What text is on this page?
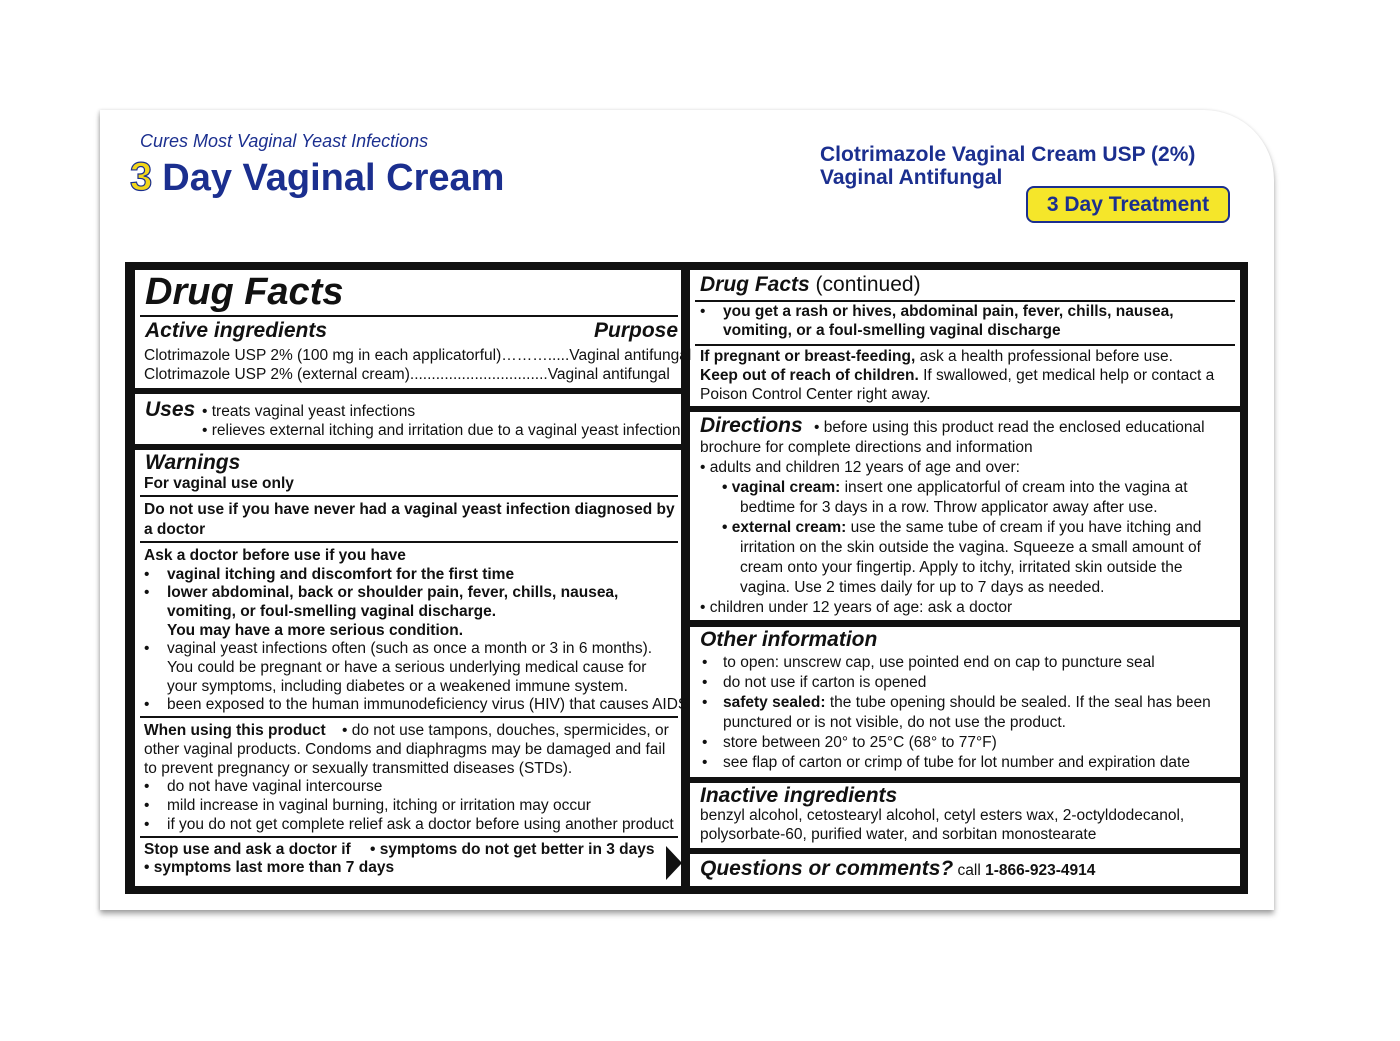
Cures Most Vaginal Yeast Infections
3 Day Vaginal Cream
Clotrimazole Vaginal Cream USP (2%)
Vaginal Antifungal
3 Day Treatment
Drug Facts
Active ingredients	Purpose
Clotrimazole USP 2% (100 mg in each applicatorful)……….....Vaginal antifungal
Clotrimazole USP 2% (external cream)................................Vaginal antifungal
Uses • treats vaginal yeast infections
• relieves external itching and irritation due to a vaginal yeast infection
Warnings
For vaginal use only
Do not use if you have never had a vaginal yeast infection diagnosed by
a doctor
Ask a doctor before use if you have
• vaginal itching and discomfort for the first time
• lower abdominal, back or shoulder pain, fever, chills, nausea,
vomiting, or foul-smelling vaginal discharge.
You may have a more serious condition.
• vaginal yeast infections often (such as once a month or 3 in 6 months).
You could be pregnant or have a serious underlying medical cause for
your symptoms, including diabetes or a weakened immune system.
• been exposed to the human immunodeficiency virus (HIV) that causes AIDS
When using this product • do not use tampons, douches, spermicides, or
other vaginal products. Condoms and diaphragms may be damaged and fail
to prevent pregnancy or sexually transmitted diseases (STDs).
• do not have vaginal intercourse
• mild increase in vaginal burning, itching or irritation may occur
• if you do not get complete relief ask a doctor before using another product
Stop use and ask a doctor if • symptoms do not get better in 3 days
• symptoms last more than 7 days
Drug Facts (continued)
• you get a rash or hives, abdominal pain, fever, chills, nausea,
vomiting, or a foul-smelling vaginal discharge
If pregnant or breast-feeding, ask a health professional before use.
Keep out of reach of children. If swallowed, get medical help or contact a
Poison Control Center right away.
Directions • before using this product read the enclosed educational
brochure for complete directions and information
• adults and children 12 years of age and over:
• vaginal cream: insert one applicatorful of cream into the vagina at
bedtime for 3 days in a row. Throw applicator away after use.
• external cream: use the same tube of cream if you have itching and
irritation on the skin outside the vagina. Squeeze a small amount of
cream onto your fingertip. Apply to itchy, irritated skin outside the
vagina. Use 2 times daily for up to 7 days as needed.
• children under 12 years of age: ask a doctor
Other information
• to open: unscrew cap, use pointed end on cap to puncture seal
• do not use if carton is opened
• safety sealed: the tube opening should be sealed. If the seal has been
punctured or is not visible, do not use the product.
• store between 20° to 25°C (68° to 77°F)
• see flap of carton or crimp of tube for lot number and expiration date
Inactive ingredients
benzyl alcohol, cetostearyl alcohol, cetyl esters wax, 2-octyldodecanol,
polysorbate-60, purified water, and sorbitan monostearate
Questions or comments? call 1-866-923-4914
